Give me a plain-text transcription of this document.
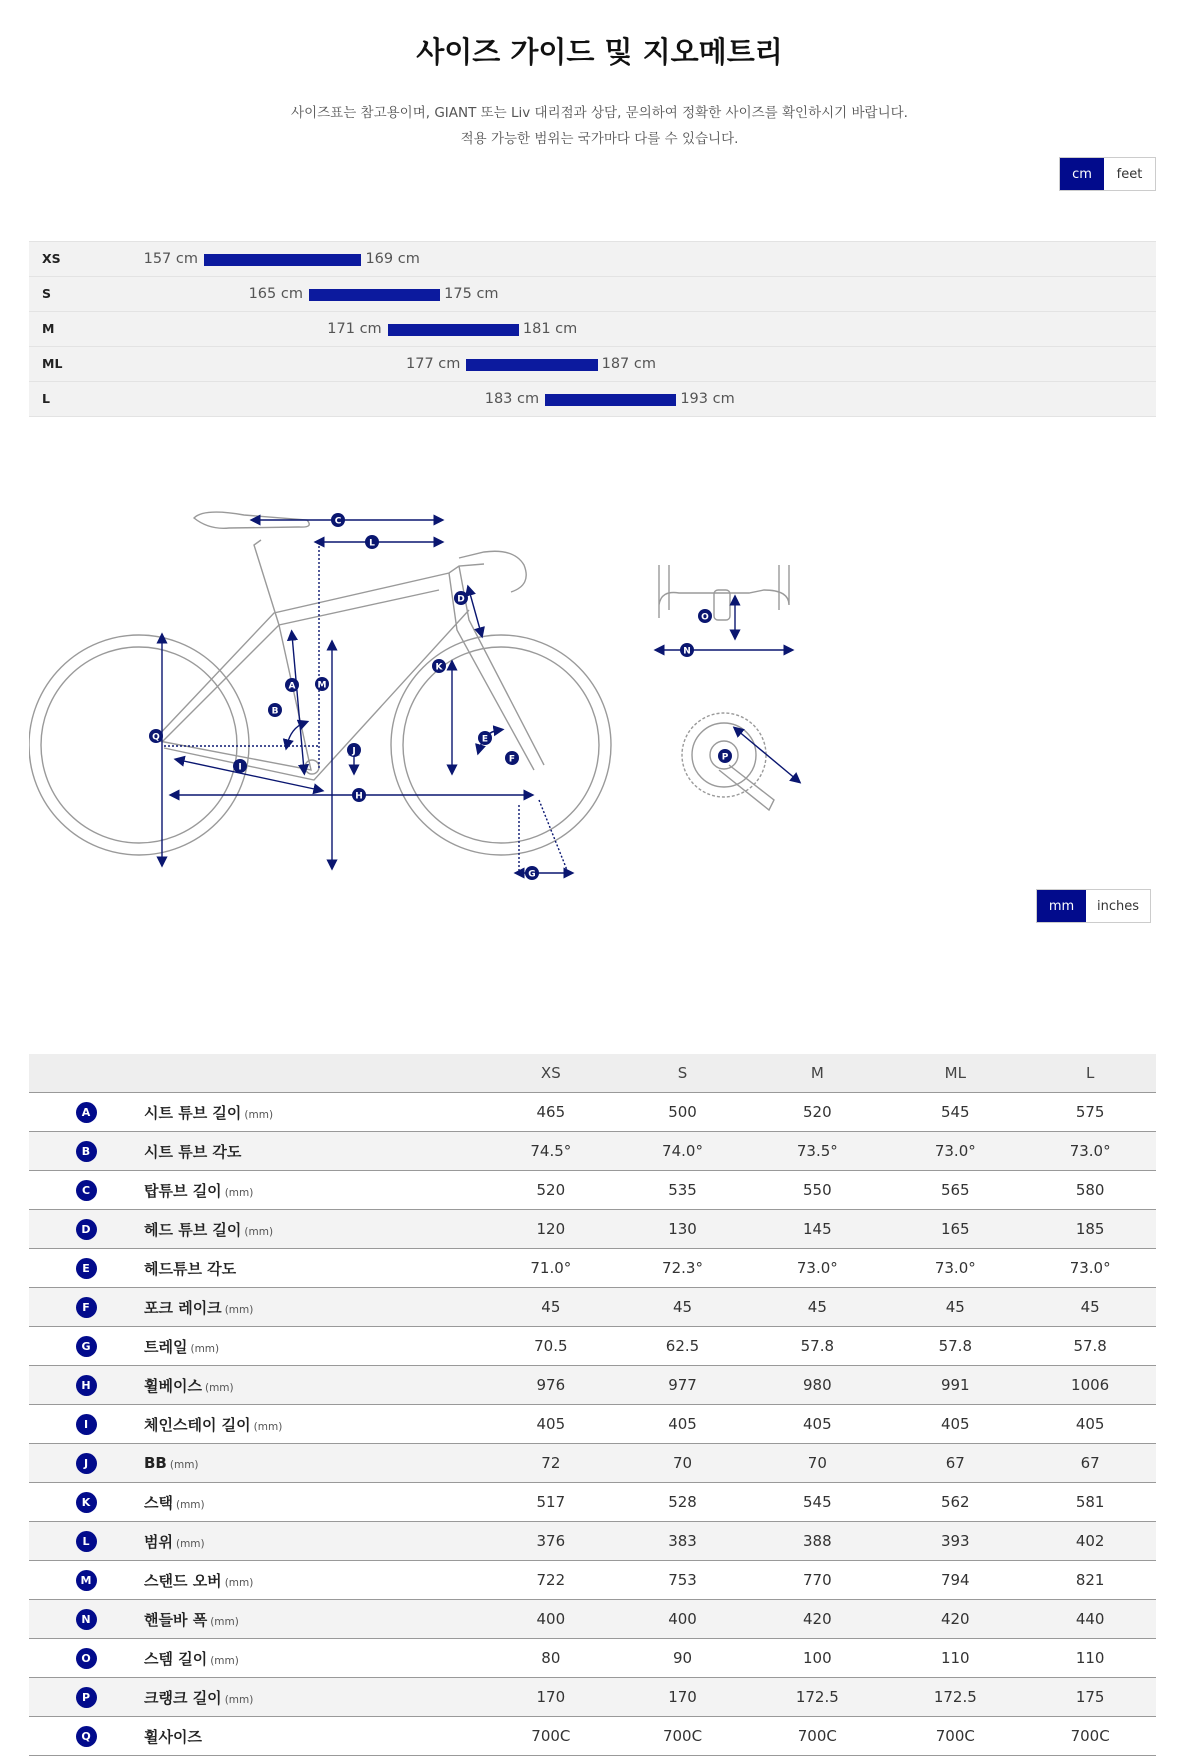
사이즈 가이드 및 지오메트리
사이즈표는 참고용이며, GIANT 또는 Liv 대리점과 상담, 문의하여 정확한 사이즈를 확인하시기 바랍니다.
적용 가능한 범위는 국가마다 다를 수 있습니다.
cm	feet
XS	157 cm	169 cm
S	165 cm	175 cm
M	171 cm	181 cm
ML	177 cm	187 cm
L	183 cm	193 cm
A
B
C
D
E
F
G
H
I
J
K
L
M
N
O
P
Q
mm	inches
		XS	S	M	ML	L
A	시트 튜브 길이 (mm)	465	500	520	545	575
B	시트 튜브 각도	74.5°	74.0°	73.5°	73.0°	73.0°
C	탑튜브 길이 (mm)	520	535	550	565	580
D	헤드 튜브 길이 (mm)	120	130	145	165	185
E	헤드튜브 각도	71.0°	72.3°	73.0°	73.0°	73.0°
F	포크 레이크 (mm)	45	45	45	45	45
G	트레일 (mm)	70.5	62.5	57.8	57.8	57.8
H	휠베이스 (mm)	976	977	980	991	1006
I	체인스테이 길이 (mm)	405	405	405	405	405
J	BB (mm)	72	70	70	67	67
K	스택 (mm)	517	528	545	562	581
L	범위 (mm)	376	383	388	393	402
M	스탠드 오버 (mm)	722	753	770	794	821
N	핸들바 폭 (mm)	400	400	420	420	440
O	스템 길이 (mm)	80	90	100	110	110
P	크랭크 길이 (mm)	170	170	172.5	172.5	175
Q	휠사이즈	700C	700C	700C	700C	700C
